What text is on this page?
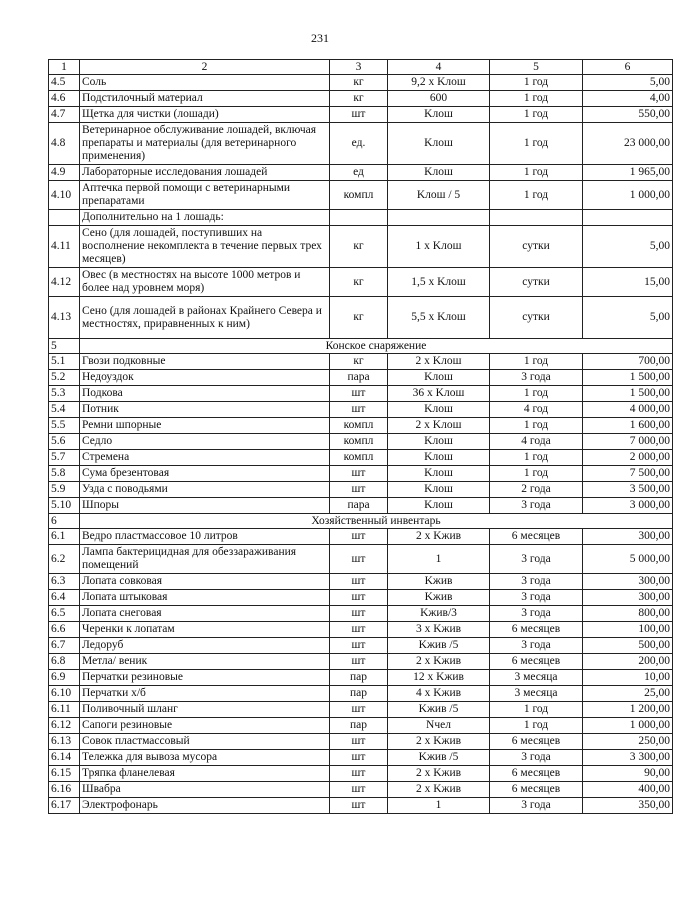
231
1	2	3	4	5	6
4.5	Соль	кг	9,2 x Kлош	1 год	5,00
4.6	Подстилочный материал	кг	600	1 год	4,00
4.7	Щетка для чистки (лошади)	шт	Kлош	1 год	550,00
4.8	Ветеринарное обслуживание лошадей, включая препараты и материалы (для ветеринарного применения)	ед.	Kлош	1 год	23 000,00
4.9	Лабораторные исследования лошадей	ед	Kлош	1 год	1 965,00
4.10	Аптечка первой помощи с ветеринарными препаратами	компл	Kлош / 5	1 год	1 000,00
	Дополнительно на 1 лошадь:				
4.11	Сено (для лошадей, поступивших на восполнение некомплекта в течение первых трех месяцев)	кг	1 x Kлош	сутки	5,00
4.12	Овес (в местностях на высоте 1000 метров и более над уровнем моря)	кг	1,5 x Kлош	сутки	15,00
4.13	Сено (для лошадей в районах Крайнего Севера и местностях, приравненных к ним)	кг	5,5 x Kлош	сутки	5,00
5	Конское снаряжение				
5.1	Гвози подковные	кг	2 x Kлош	1 год	700,00
5.2	Недоуздок	пара	Kлош	3 года	1 500,00
5.3	Подкова	шт	36 x Kлош	1 год	1 500,00
5.4	Потник	шт	Kлош	4 год	4 000,00
5.5	Ремни шпорные	компл	2 x Kлош	1 год	1 600,00
5.6	Седло	компл	Kлош	4 года	7 000,00
5.7	Стремена	компл	Kлош	1 год	2 000,00
5.8	Сума брезентовая	шт	Kлош	1 год	7 500,00
5.9	Узда с поводьями	шт	Kлош	2 года	3 500,00
5.10	Шпоры	пара	Kлош	3 года	3 000,00
6	Хозяйственный инвентарь				
6.1	Ведро пластмассовое 10 литров	шт	2 x Kжив	6 месяцев	300,00
6.2	Лампа бактерицидная для обеззараживания помещений	шт	1	3 года	5 000,00
6.3	Лопата совковая	шт	Kжив	3 года	300,00
6.4	Лопата штыковая	шт	Kжив	3 года	300,00
6.5	Лопата снеговая	шт	Kжив/3	3 года	800,00
6.6	Черенки к лопатам	шт	3 x Kжив	6 месяцев	100,00
6.7	Ледоруб	шт	Kжив /5	3 года	500,00
6.8	Метла/ веник	шт	2 x Kжив	6 месяцев	200,00
6.9	Перчатки резиновые	пар	12 x Kжив	3 месяца	10,00
6.10	Перчатки х/б	пар	4 x Kжив	3 месяца	25,00
6.11	Поливочный шланг	шт	Kжив /5	1 год	1 200,00
6.12	Сапоги резиновые	пар	Nчел	1 год	1 000,00
6.13	Совок пластмассовый	шт	2 x Kжив	6 месяцев	250,00
6.14	Тележка для вывоза мусора	шт	Kжив /5	3 года	3 300,00
6.15	Тряпка фланелевая	шт	2 x Kжив	6 месяцев	90,00
6.16	Швабра	шт	2 x Kжив	6 месяцев	400,00
6.17	Электрофонарь	шт	1	3 года	350,00
